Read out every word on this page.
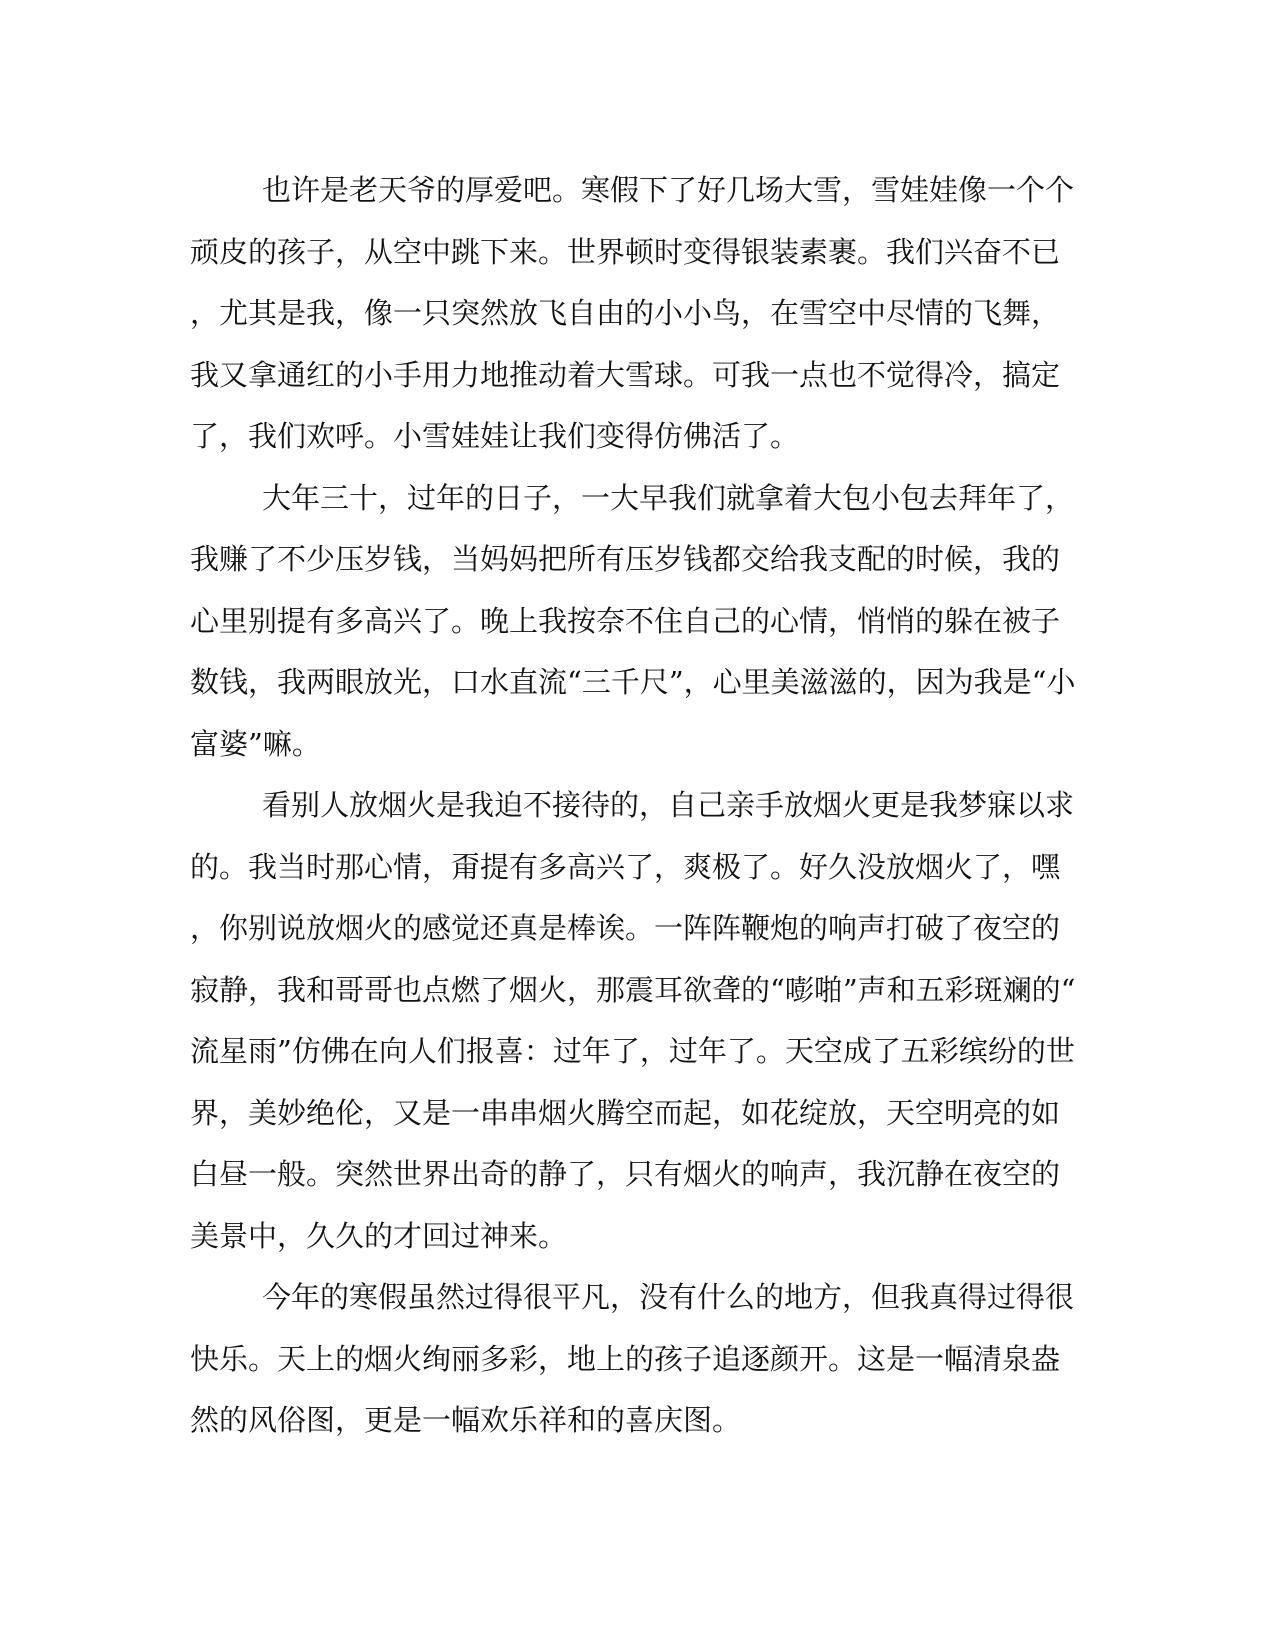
也许是老天爷的厚爱吧。寒假下了好几场大雪，雪娃娃像一个个
顽皮的孩子，从空中跳下来。世界顿时变得银装素裹。我们兴奋不已
，尤其是我，像一只突然放飞自由的小小鸟，在雪空中尽情的飞舞，
我又拿通红的小手用力地推动着大雪球。可我一点也不觉得冷，搞定
了，我们欢呼。小雪娃娃让我们变得仿佛活了。
大年三十，过年的日子，一大早我们就拿着大包小包去拜年了，
我赚了不少压岁钱，当妈妈把所有压岁钱都交给我支配的时候，我的
心里别提有多高兴了。晚上我按奈不住自己的心情，悄悄的躲在被子
数钱，我两眼放光，口水直流“三千尺”，心里美滋滋的，因为我是“小
富婆”嘛。
看别人放烟火是我迫不接待的，自己亲手放烟火更是我梦寐以求
的。我当时那心情，甭提有多高兴了，爽极了。好久没放烟火了，嘿
，你别说放烟火的感觉还真是棒诶。一阵阵鞭炮的响声打破了夜空的
寂静，我和哥哥也点燃了烟火，那震耳欲聋的“嘭啪”声和五彩斑斓的“
流星雨”仿佛在向人们报喜：过年了，过年了。天空成了五彩缤纷的世
界，美妙绝伦，又是一串串烟火腾空而起，如花绽放，天空明亮的如
白昼一般。突然世界出奇的静了，只有烟火的响声，我沉静在夜空的
美景中，久久的才回过神来。
今年的寒假虽然过得很平凡，没有什么的地方，但我真得过得很
快乐。天上的烟火绚丽多彩，地上的孩子追逐颜开。这是一幅清泉盎
然的风俗图，更是一幅欢乐祥和的喜庆图。
